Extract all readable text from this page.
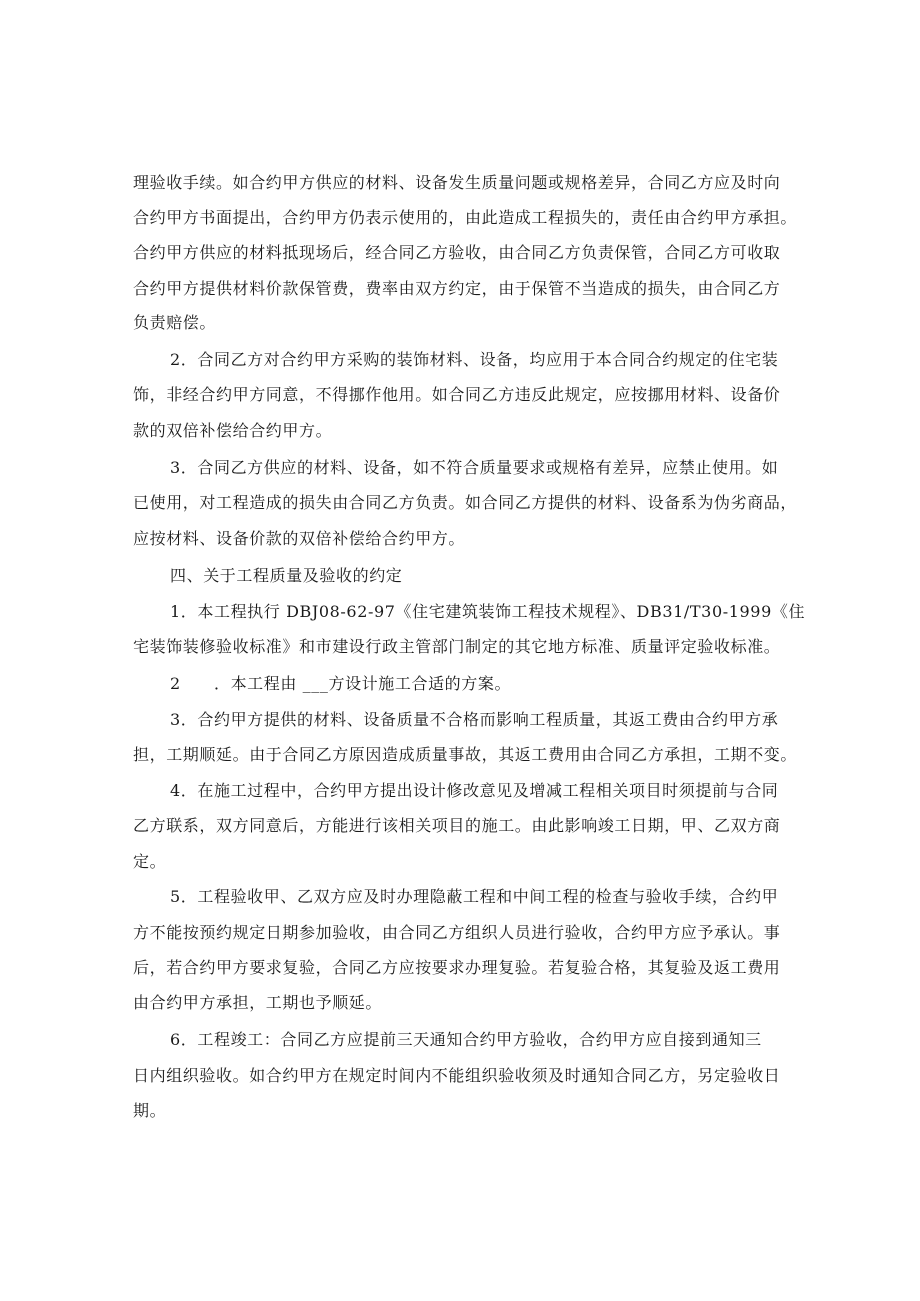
理验收手续。如合约甲方供应的材料、设备发生质量问题或规格差异，合同乙方应及时向
合约甲方书面提出，合约甲方仍表示使用的，由此造成工程损失的，责任由合约甲方承担。
合约甲方供应的材料抵现场后，经合同乙方验收，由合同乙方负责保管，合同乙方可收取
合约甲方提供材料价款保管费，费率由双方约定，由于保管不当造成的损失，由合同乙方
负责赔偿。
2．合同乙方对合约甲方采购的装饰材料、设备，均应用于本合同合约规定的住宅装
饰，非经合约甲方同意，不得挪作他用。如合同乙方违反此规定，应按挪用材料、设备价
款的双倍补偿给合约甲方。
3．合同乙方供应的材料、设备，如不符合质量要求或规格有差异，应禁止使用。如
已使用，对工程造成的损失由合同乙方负责。如合同乙方提供的材料、设备系为伪劣商品，
应按材料、设备价款的双倍补偿给合约甲方。
四、关于工程质量及验收的约定
1．本工程执行 DBJ08-62-97《住宅建筑装饰工程技术规程》、DB31/T30-1999《住
宅装饰装修验收标准》和市建设行政主管部门制定的其它地方标准、质量评定验收标准。
2　　．本工程由 ___方设计施工合适的方案。
3．合约甲方提供的材料、设备质量不合格而影响工程质量，其返工费由合约甲方承
担，工期顺延。由于合同乙方原因造成质量事故，其返工费用由合同乙方承担，工期不变。
4．在施工过程中，合约甲方提出设计修改意见及增减工程相关项目时须提前与合同
乙方联系，双方同意后，方能进行该相关项目的施工。由此影响竣工日期，甲、乙双方商
定。
5．工程验收甲、乙双方应及时办理隐蔽工程和中间工程的检查与验收手续，合约甲
方不能按预约规定日期参加验收，由合同乙方组织人员进行验收，合约甲方应予承认。事
后，若合约甲方要求复验，合同乙方应按要求办理复验。若复验合格，其复验及返工费用
由合约甲方承担，工期也予顺延。
6．工程竣工：合同乙方应提前三天通知合约甲方验收，合约甲方应自接到通知三
日内组织验收。如合约甲方在规定时间内不能组织验收须及时通知合同乙方，另定验收日
期。
